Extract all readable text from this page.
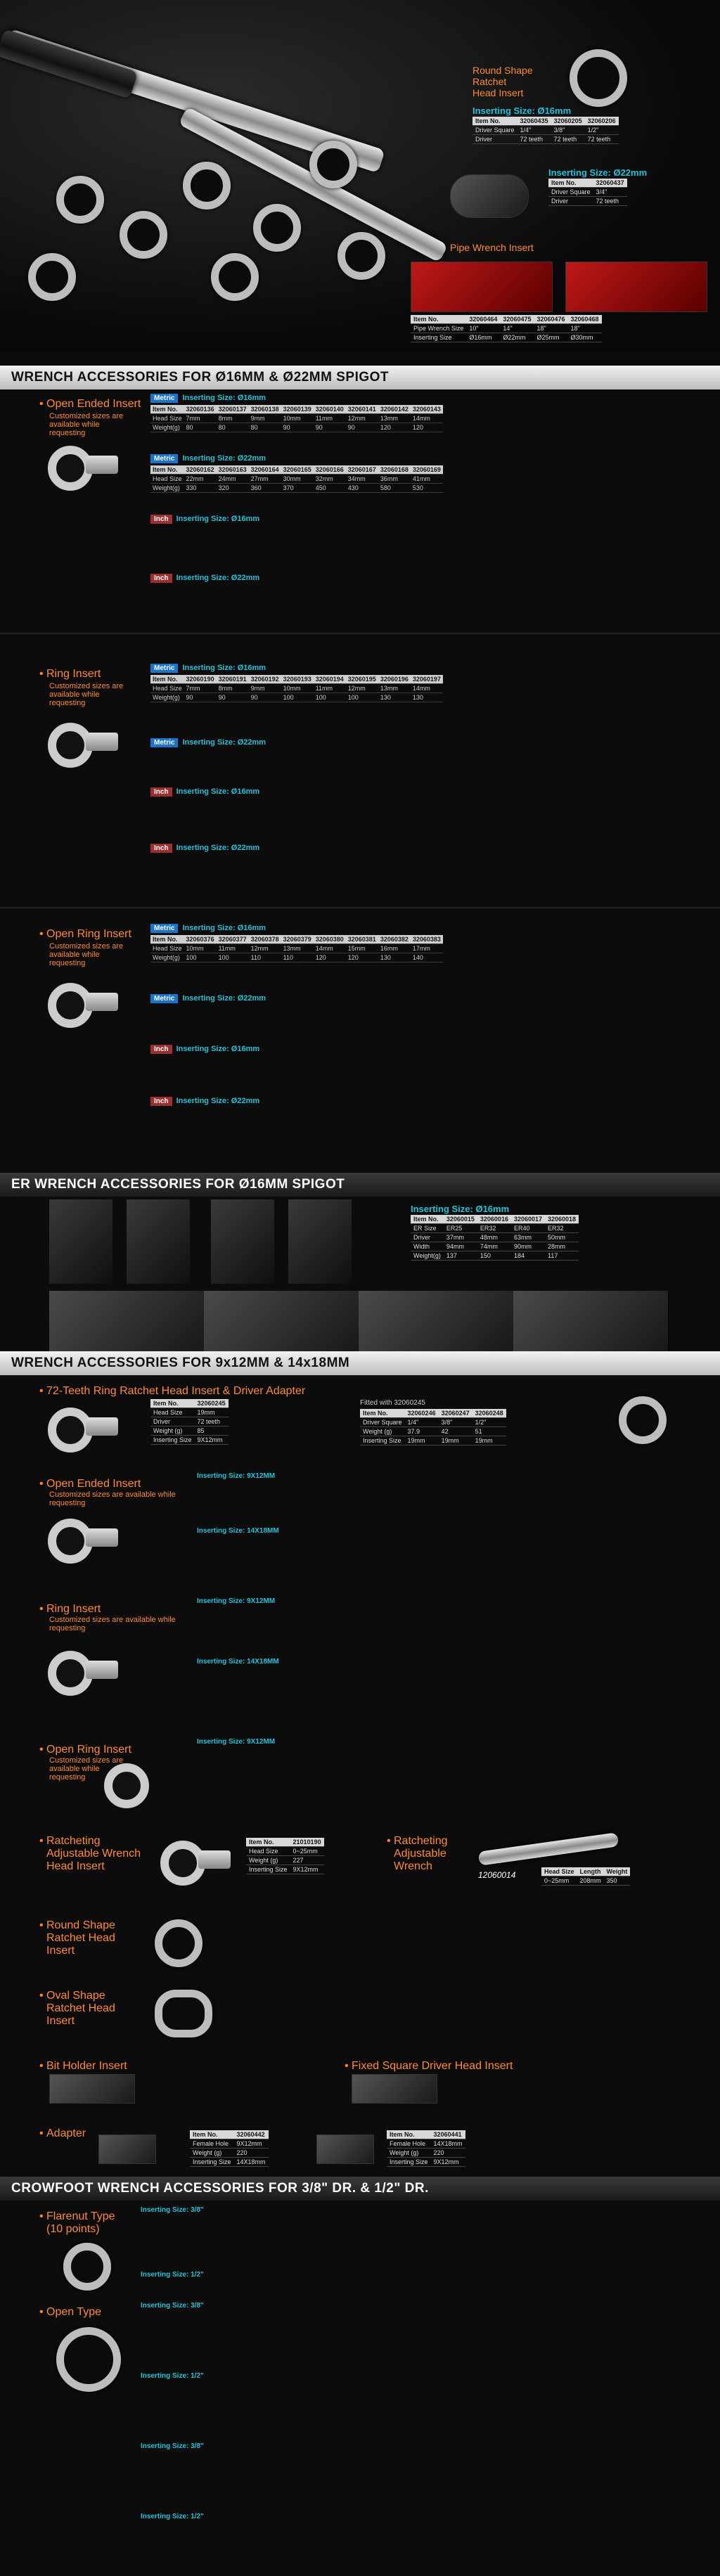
Round Shape
Ratchet
Head Insert
Inserting Size: Ø16mm
Item No.	32060435	32060205	32060206
Driver Square	1/4"	3/8"	1/2"
Driver	72 teeth	72 teeth	72 teeth
Inserting Size: Ø22mm
Item No.	32060437
Driver Square	3/4"
Driver	72 teeth
Pipe Wrench Insert
Item No.	32060464	32060475	32060476	32060468
Pipe Wrench Size	10"	14"	18"	18"
Inserting Size	Ø16mm	Ø22mm	Ø25mm	Ø30mm
WRENCH ACCESSORIES FOR Ø16MM & Ø22MM SPIGOT
• Open Ended Insert
Customized sizes are available while requesting
Metric Inserting Size: Ø16mm
Item No.	32060136	32060137	32060138	32060139	32060140	32060141	32060142	32060143
Head Size	7mm	8mm	9mm	10mm	11mm	12mm	13mm	14mm
Weight(g)	80	80	80	90	90	90	120	120
Metric Inserting Size: Ø22mm
Item No.	32060162	32060163	32060164	32060165	32060166	32060167	32060168	32060169
Head Size	22mm	24mm	27mm	30mm	32mm	34mm	36mm	41mm
Weight(g)	330	320	360	370	450	430	580	530
Inch Inserting Size: Ø16mm
Inch Inserting Size: Ø22mm
• Ring Insert
Customized sizes are available while requesting
Metric Inserting Size: Ø16mm
Item No.	32060190	32060191	32060192	32060193	32060194	32060195	32060196	32060197
Head Size	7mm	8mm	9mm	10mm	11mm	12mm	13mm	14mm
Weight(g)	90	90	90	100	100	100	130	130
Metric Inserting Size: Ø22mm
Inch Inserting Size: Ø16mm
Inch Inserting Size: Ø22mm
• Open Ring Insert
Customized sizes are available while requesting
Metric Inserting Size: Ø16mm
Item No.	32060376	32060377	32060378	32060379	32060380	32060381	32060382	32060383
Head Size	10mm	11mm	12mm	13mm	14mm	15mm	16mm	17mm
Weight(g)	100	100	110	110	120	120	130	140
Metric Inserting Size: Ø22mm
Inch Inserting Size: Ø16mm
Inch Inserting Size: Ø22mm
ER WRENCH ACCESSORIES FOR Ø16MM SPIGOT
Inserting Size: Ø16mm
Item No.	32060015	32060016	32060017	32060018
ER Size	ER25	ER32	ER40	ER32
Driver	37mm	48mm	63mm	50mm
Width	94mm	74mm	90mm	28mm
Weight(g)	137	150	184	117
WRENCH ACCESSORIES FOR 9x12MM & 14x18MM
• 72-Teeth Ring Ratchet Head Insert & Driver Adapter
Item No.	32060245
Head Size	19mm
Driver	72 teeth
Weight (g)	85
Inserting Size	9X12mm
Fitted with 32060245
Item No.	32060246	32060247	32060248
Driver Square	1/4"	3/8"	1/2"
Weight (g)	37.9	42	51
Inserting Size	19mm	19mm	19mm
• Open Ended Insert
Customized sizes are available while requesting
Inserting Size: 9X12MM
Inserting Size: 14X18MM
• Ring Insert
Customized sizes are available while requesting
Inserting Size: 9X12MM
Inserting Size: 14X18MM
• Open Ring Insert
Customized sizes are available while requesting
Inserting Size: 9X12MM
• Ratcheting Adjustable Wrench Head Insert
Item No.	21010190
Head Size	0~25mm
Weight (g)	227
Inserting Size	9X12mm
• Ratcheting Adjustable Wrench
12060014	Head Size	Length	Weight
0~25mm	208mm	350
• Round Shape Ratchet Head Insert
• Oval Shape Ratchet Head Insert
• Bit Holder Insert	• Fixed Square Driver Head Insert
• Adapter	Item No.	32060442
Female Hole	9X12mm
Weight (g)	220
Inserting Size	14X18mm
Item No.	32060441
Female Hole	14X18mm
Weight (g)	220
Inserting Size	9X12mm
CROWFOOT WRENCH ACCESSORIES FOR 3/8" DR. & 1/2" DR.
• Flarenut Type (10 points)
Inserting Size: 3/8"
Inserting Size: 1/2"
• Open Type
Inserting Size: 3/8"
Inserting Size: 1/2"
Inserting Size: 3/8"
Inserting Size: 1/2"
